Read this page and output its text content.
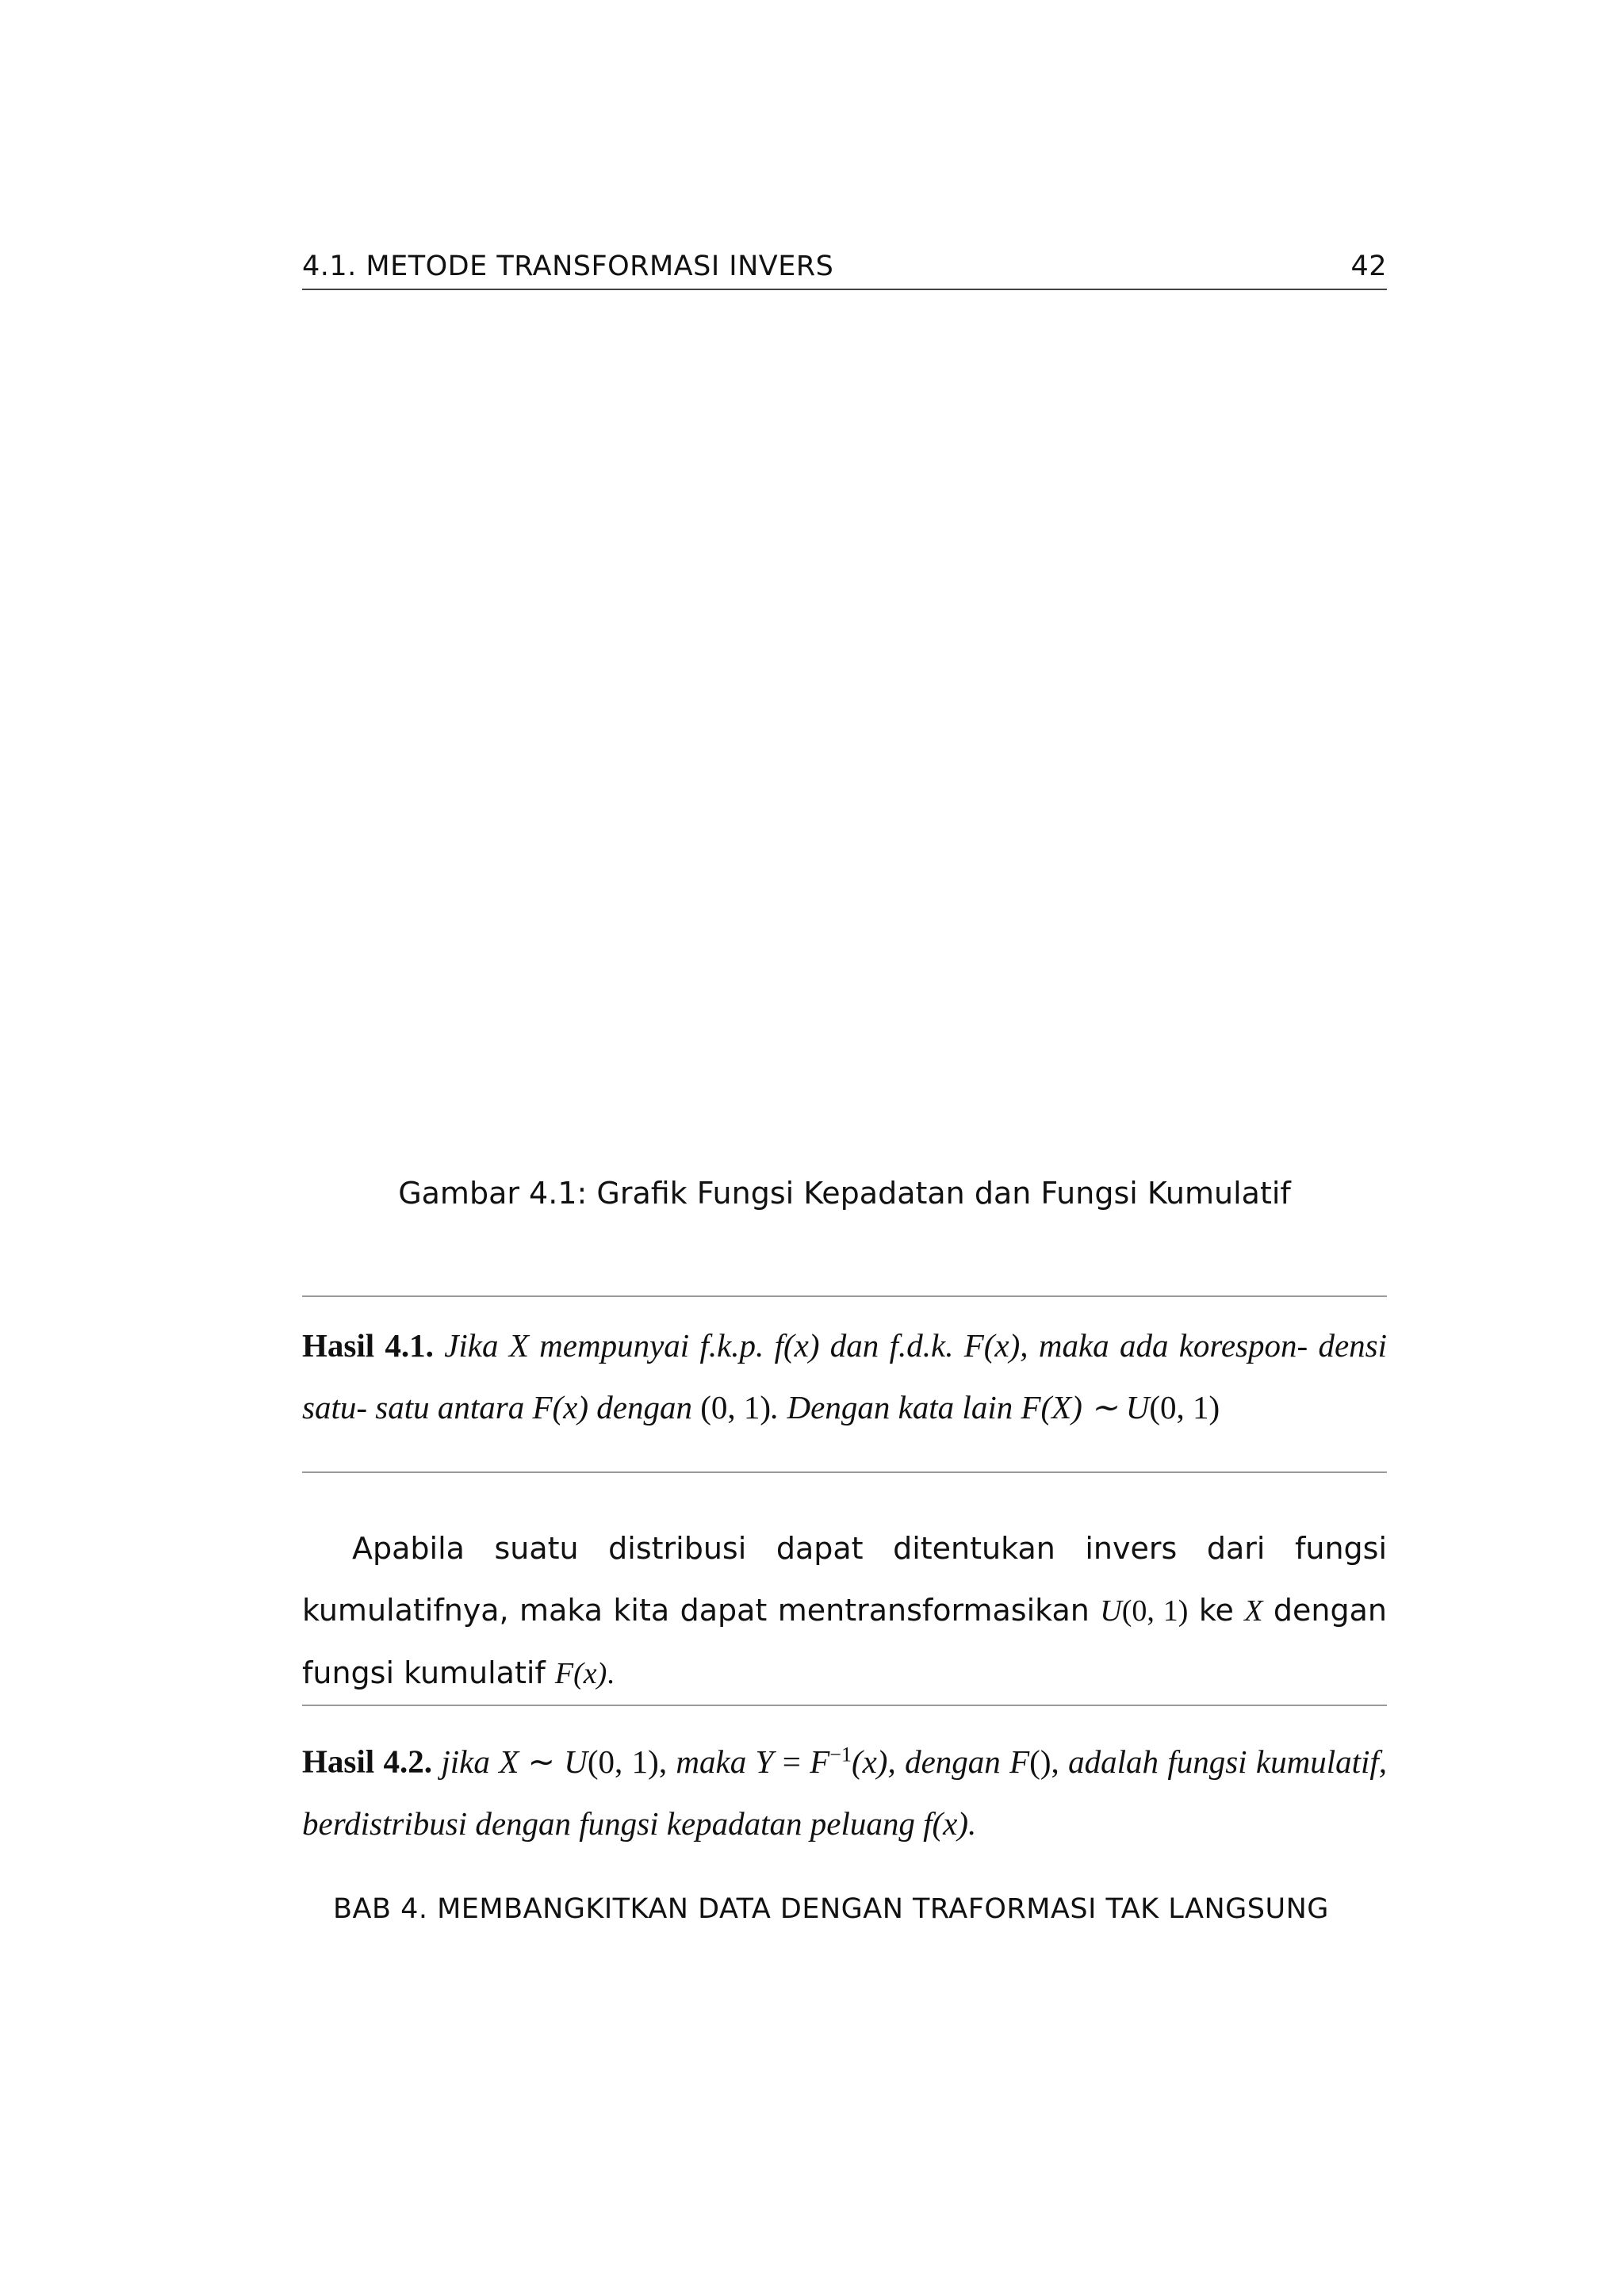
4.1. METODE TRANSFORMASI INVERS	42
Gambar 4.1: Grafik Fungsi Kepadatan dan Fungsi Kumulatif
Hasil 4.1. Jika X mempunyai f.k.p. f(x) dan f.d.k. F(x), maka ada korespon- densi satu- satu antara F(x) dengan (0, 1). Dengan kata lain F(X) ∼ U(0, 1)
Apabila suatu distribusi dapat ditentukan invers dari fungsi kumulatifnya, maka kita dapat mentransformasikan U(0, 1) ke X dengan fungsi kumulatif F(x).
Hasil 4.2. jika X ∼ U(0, 1), maka $Y = F^{-1}(x)$, dengan F(), adalah fungsi kumulatif, berdistribusi dengan fungsi kepadatan peluang f(x).
BAB 4. MEMBANGKITKAN DATA DENGAN TRAFORMASI TAK LANGSUNG
